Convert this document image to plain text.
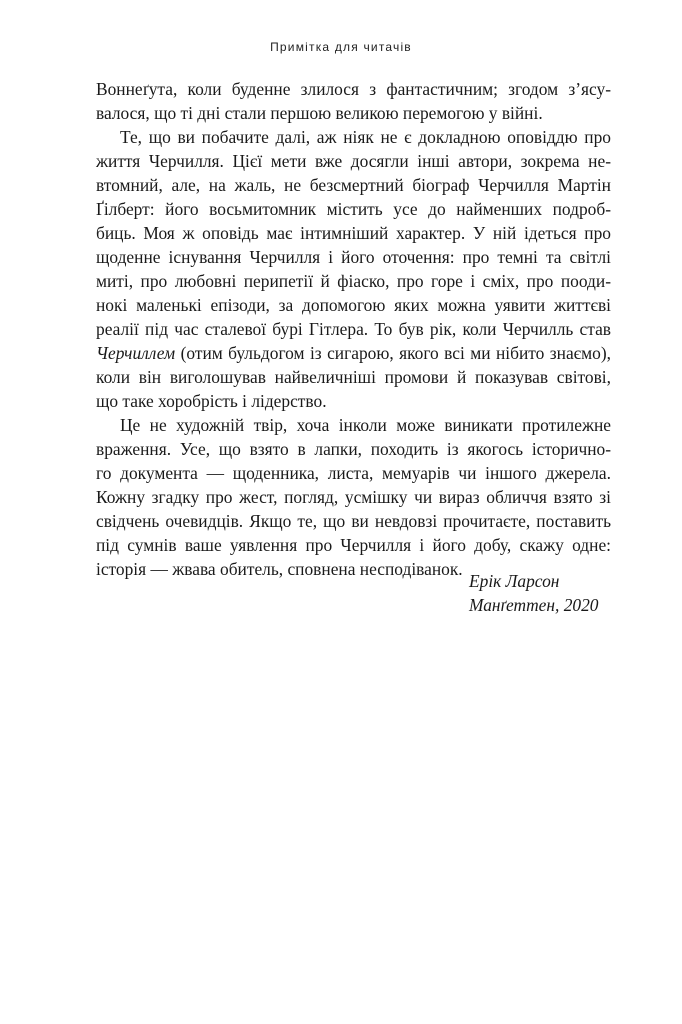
Примітка для читачів
Воннеґута, коли буденне злилося з фантастичним; згодом з’ясу-
валося, що ті дні стали першою великою перемогою у війні.
Те, що ви побачите далі, аж ніяк не є докладною оповіддю про
життя Черчилля. Цієї мети вже досягли інші автори, зокрема не-
втомний, але, на жаль, не безсмертний біограф Черчилля Мартін
Ґілберт: його восьмитомник містить усе до найменших подроб-
биць. Моя ж оповідь має інтимніший характер. У ній ідеться про
щоденне існування Черчилля і його оточення: про темні та світлі
миті, про любовні перипетії й фіаско, про горе і сміх, про пооди-
нокі маленькі епізоди, за допомогою яких можна уявити життєві
реалії під час сталевої бурі Гітлера. То був рік, коли Черчилль став
Черчиллем (отим бульдогом із сигарою, якого всі ми нібито знаємо),
коли він виголошував найвеличніші промови й показував світові,
що таке хоробрість і лідерство.
Це не художній твір, хоча інколи може виникати протилежне
враження. Усе, що взято в лапки, походить із якогось історично-
го документа — щоденника, листа, мемуарів чи іншого джерела.
Кожну згадку про жест, погляд, усмішку чи вираз обличчя взято зі
свідчень очевидців. Якщо те, що ви невдовзі прочитаєте, поставить
під сумнів ваше уявлення про Черчилля і його добу, скажу одне:
історія — жвава обитель, сповнена несподіванок.
Ерік Ларсон
Манґеттен, 2020
